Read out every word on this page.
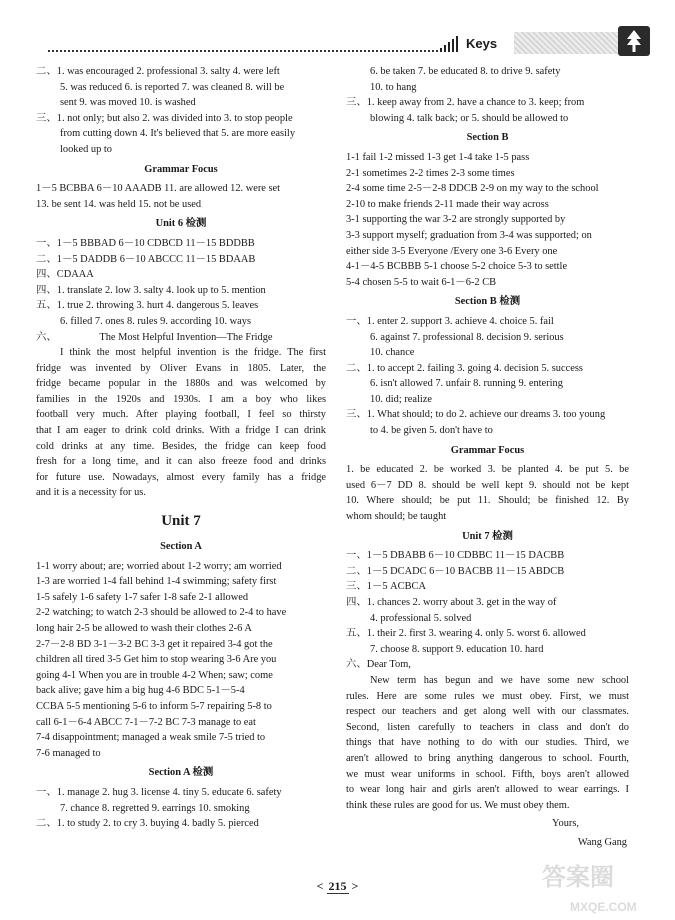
Keys
二、1. was encouraged 2. professional 3. salty 4. were left
5. was reduced 6. is reported 7. was cleaned 8. will be
sent 9. was moved 10. is washed
三、1. not only; but also 2. was divided into 3. to stop people
from cutting down 4. It's believed that 5. are more easily
looked up to
Grammar Focus
1－5 BCBBA 6－10 AAADB 11. are allowed 12. were set
13. be sent 14. was held 15. not be used
Unit 6 检测
一、1－5 BBBAD 6－10 CDBCD 11－15 BDDBB
二、1－5 DADDB 6－10 ABCCC 11－15 BDAAB
四、CDAAA
四、1. translate 2. low 3. salty 4. look up to 5. mention
五、1. true 2. throwing 3. hurt 4. dangerous 5. leaves
6. filled 7. ones 8. rules 9. according 10. ways
六、	The Most Helpful Invention—The Fridge
I think the most helpful invention is the fridge. The first
fridge was invented by Oliver Evans in 1805. Later, the
fridge became popular in the 1880s and was welcomed by
families in the 1920s and 1930s. I am a boy who likes
football very much. After playing football, I feel so thirsty
that I am eager to drink cold drinks. With a fridge I can drink
cold drinks at any time. Besides, the fridge can keep food
fresh for a long time, and it can also freeze food and drinks
for future use. Nowadays, almost every family has a fridge
and it is a necessity for us.
Unit 7
Section A
1-1 worry about; are; worried about 1-2 worry; am worried
1-3 are worried 1-4 fall behind 1-4 swimming; safety first
1-5 safely 1-6 safety 1-7 safer 1-8 safe 2-1 allowed
2-2 watching; to watch 2-3 should be allowed to 2-4 to have
long hair 2-5 be allowed to wash their clothes 2-6 A
2-7－2-8 BD 3-1－3-2 BC 3-3 get it repaired 3-4 got the
children all tired 3-5 Get him to stop wearing 3-6 Are you
going 4-1 When you are in trouble 4-2 When; saw; come
back alive; gave him a big hug 4-6 BDC 5-1－5-4
CCBA 5-5 mentioning 5-6 to inform 5-7 repairing 5-8 to
call 6-1－6-4 ABCC 7-1－7-2 BC 7-3 manage to eat
7-4 disappointment; managed a weak smile 7-5 tried to
7-6 managed to
Section A 检测
一、1. manage 2. hug 3. license 4. tiny 5. educate 6. safety
7. chance 8. regretted 9. earrings 10. smoking
二、1. to study 2. to cry 3. buying 4. badly 5. pierced
6. be taken 7. be educated 8. to drive 9. safety
10. to hang
三、1. keep away from 2. have a chance to 3. keep; from
blowing 4. talk back; or 5. should be allowed to
Section B
1-1 fail 1-2 missed 1-3 get 1-4 take 1-5 pass
2-1 sometimes 2-2 times 2-3 some times
2-4 some time 2-5－2-8 DDCB 2-9 on my way to the school
2-10 to make friends 2-11 made their way across
3-1 supporting the war 3-2 are strongly supported by
3-3 support myself; graduation from 3-4 was supported; on
either side 3-5 Everyone /Every one 3-6 Every one
4-1－4-5 BCBBB 5-1 choose 5-2 choice 5-3 to settle
5-4 chosen 5-5 to wait 6-1－6-2 CB
Section B 检测
一、1. enter 2. support 3. achieve 4. choice 5. fail
6. against 7. professional 8. decision 9. serious
10. chance
二、1. to accept 2. failing 3. going 4. decision 5. success
6. isn't allowed 7. unfair 8. running 9. entering
10. did; realize
三、1. What should; to do 2. achieve our dreams 3. too young
to 4. be given 5. don't have to
Grammar Focus
1. be educated 2. be worked 3. be planted 4. be put 5. be
used 6－7 DD 8. should be well kept 9. should not be kept
10. Where should; be put 11. Should; be finished 12. By
whom should; be taught
Unit 7 检测
一、1－5 DBABB 6－10 CDBBC 11－15 DACBB
二、1－5 DCADC 6－10 BACBB 11－15 ABDCB
三、1－5 ACBCA
四、1. chances 2. worry about 3. get in the way of
4. professional 5. solved
五、1. their 2. first 3. wearing 4. only 5. worst 6. allowed
7. choose 8. support 9. education 10. hard
六、Dear Tom,
New term has begun and we have some new school
rules. Here are some rules we must obey. First, we must
respect our teachers and get along well with our classmates.
Second, listen carefully to teachers in class and don't do
things that have nothing to do with our studies. Third, we
aren't allowed to bring anything dangerous to school. Fourth,
we must wear uniforms in school. Fifth, boys aren't allowed
to wear long hair and girls aren't allowed to wear earrings. I
think these rules are good for us. We must obey them.
Yours,
Wang Gang
< 215 >	答案圈
MXQE.COM
